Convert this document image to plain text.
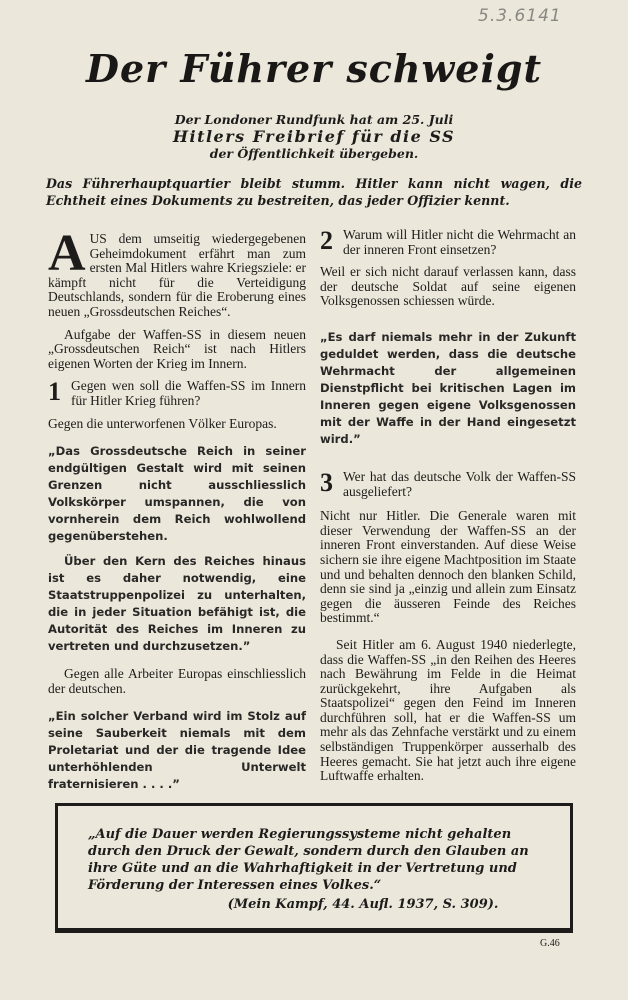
5.3.6141
Der Führer schweigt
Der Londoner Rundfunk hat am 25. Juli
Hitlers Freibrief für die SS
der Öffentlichkeit übergeben.
Das Führerhauptquartier bleibt stumm. Hitler kann nicht wagen, die Echtheit eines Dokuments zu bestreiten, das jeder Offizier kennt.

AUS dem umseitig wiedergegebenen Geheimdokument erfährt man zum ersten Mal Hitlers wahre Kriegsziele: er kämpft nicht für die Verteidigung Deutschlands, sondern für die Eroberung eines neuen „Grossdeutschen Reiches“.

Aufgabe der Waffen-SS in diesem neuen „Grossdeutschen Reich“ ist nach Hitlers eigenen Worten der Krieg im Innern.

1 Gegen wen soll die Waffen-SS im Innern für Hitler Krieg führen?

Gegen die unterworfenen Völker Europas.

„Das Grossdeutsche Reich in seiner endgültigen Gestalt wird mit seinen Grenzen nicht ausschliesslich Volkskörper umspannen, die von vornherein dem Reich wohlwollend gegenüberstehen.

Über den Kern des Reiches hinaus ist es daher notwendig, eine Staatstruppenpolizei zu unterhalten, die in jeder Situation befähigt ist, die Autorität des Reiches im Inneren zu vertreten und durchzusetzen.”

Gegen alle Arbeiter Europas einschliesslich der deutschen.

„Ein solcher Verband wird im Stolz auf seine Sauberkeit niemals mit dem Proletariat und der die tragende Idee unterhöhlenden Unterwelt fraternisieren . . . .”

2 Warum will Hitler nicht die Wehrmacht an der inneren Front einsetzen?

Weil er sich nicht darauf verlassen kann, dass der deutsche Soldat auf seine eigenen Volksgenossen schiessen würde.

„Es darf niemals mehr in der Zukunft geduldet werden, dass die deutsche Wehrmacht der allgemeinen Dienstpflicht bei kritischen Lagen im Inneren gegen eigene Volksgenossen mit der Waffe in der Hand eingesetzt wird.”

3 Wer hat das deutsche Volk der Waffen-SS ausgeliefert?

Nicht nur Hitler. Die Generale waren mit dieser Verwendung der Waffen-SS an der inneren Front einverstanden. Auf diese Weise sichern sie ihre eigene Machtposition im Staate und und behalten dennoch den blanken Schild, denn sie sind ja „einzig und allein zum Einsatz gegen die äusseren Feinde des Reiches bestimmt.“

Seit Hitler am 6. August 1940 niederlegte, dass die Waffen-SS „in den Reihen des Heeres nach Bewährung im Felde in die Heimat zurückgekehrt, ihre Aufgaben als Staatspolizei“ gegen den Feind im Inneren durchführen soll, hat er die Waffen-SS um mehr als das Zehnfache verstärkt und zu einem selbständigen Truppenkörper ausserhalb des Heeres gemacht. Sie hat jetzt auch ihre eigene Luftwaffe erhalten.

„Auf die Dauer werden Regierungssysteme nicht gehalten durch den Druck der Gewalt, sondern durch den Glauben an ihre Güte und an die Wahrhaftigkeit in der Vertretung und Förderung der Interessen eines Volkes.“
(Mein Kampf, 44. Aufl. 1937, S. 309).
G.46
